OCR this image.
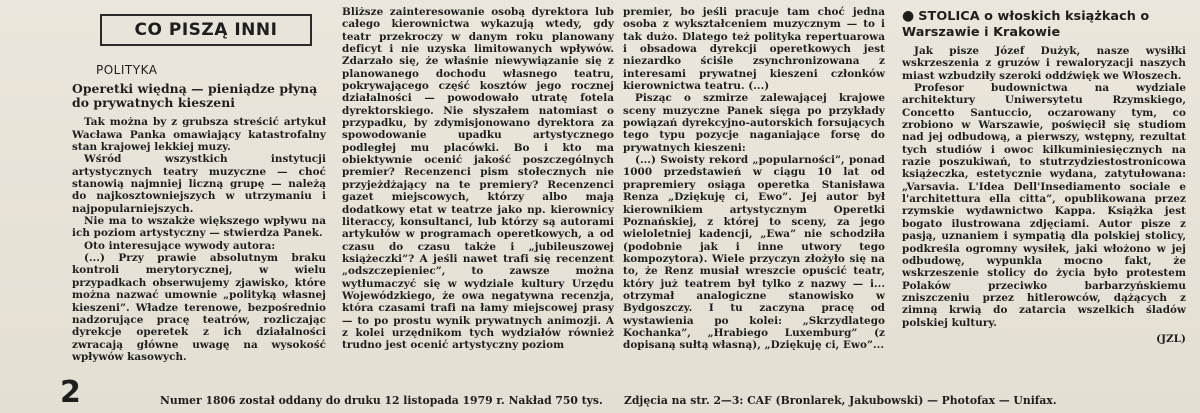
CO PISZĄ INNI
POLITYKA
Operetki więdną — pieniądze płyną do prywatnych kieszeni

Tak można by z grubsza streścić artykuł Wacława Panka omawiający katastrofalny stan krajowej lekkiej muzy.

Wśród wszystkich instytucji artystycznych teatry muzyczne — choć stanowią najmniej liczną grupę — należą do najkosztowniejszych w utrzymaniu i najpopularniejszych.

Nie ma to wszakże większego wpływu na ich poziom artystyczny — stwierdza Panek.

Oto interesujące wywody autora:

(...) Przy prawie absolutnym braku kontroli merytorycznej, w wielu przypadkach obserwujemy zjawisko, które można nazwać umownie „polityką własnej kieszeni”. Władze terenowe, bezpośrednio nadzorujące pracę teatrów, rozliczając dyrekcje operetek z ich działalności zwracają główne uwagę na wysokość wpływów kasowych.

Bliższe zainteresowanie osobą dyrektora lub całego kierownictwa wykazują wtedy, gdy teatr przekroczy w danym roku planowany deficyt i nie uzyska limitowanych wpływów. Zdarzało się, że właśnie niewywiązanie się z planowanego dochodu własnego teatru, pokrywającego część kosztów jego rocznej działalności — powodowało utratę fotela dyrektorskiego. Nie słyszałem natomiast o przypadku, by zdymisjonowano dyrektora za spowodowanie upadku artystycznego podległej mu placówki. Bo i kto ma obiektywnie ocenić jakość poszczególnych premier? Recenzenci pism stołecznych nie przyjeżdżający na te premiery? Recenzenci gazet miejscowych, którzy albo mają dodatkowy etat w teatrze jako np. kierownicy literaccy, konsultanci, lub którzy są autorami artykułów w programach operetkowych, a od czasu do czasu także i „jubileuszowej książeczki”? A jeśli nawet trafi się recenzent „odszczepieniec”, to zawsze można wytłumaczyć się w wydziale kultury Urzędu Wojewódzkiego, że owa negatywna recenzja, która czasami trafi na łamy miejscowej prasy — to po prostu wynik prywatnych animozji. A z kolei urzędnikom tych wydziałów również trudno jest ocenić artystyczny poziom

premier, bo jeśli pracuje tam choć jedna osoba z wykształceniem muzycznym — to i tak dużo. Dlatego też polityka repertuarowa i obsadowa dyrekcji operetkowych jest niezardko ściśle zsynchronizowana z interesami prywatnej kieszeni członków kierownictwa teatru. (...)

Pisząc o szmirze zalewającej krajowe sceny muzyczne Panek sięga po przykłady powiązań dyrekcyjno-autorskich forsujących tego typu pozycje naganiające forsę do prywatnych kieszeni:

(...) Swoisty rekord „popularności”, ponad 1000 przedstawień w ciągu 10 lat od prapremiery osiąga operetka Stanisława Renza „Dziękuję ci, Ewo”. Jej autor był kierownikiem artystycznym Operetki Poznańskiej, z której to sceny, za jego wieloletniej kadencji, „Ewa” nie schodziła (podobnie jak i inne utwory tego kompozytora). Wiele przyczyn złożyło się na to, że Renz musiał wreszcie opuścić teatr, który już teatrem był tylko z nazwy — i... otrzymał analogiczne stanowisko w Bydgoszczy. I tu zaczyna pracę od wystawienia po kolei: „Skrzydlatego Kochanka”, „Hrabiego Luxemburg” (z dopisaną sułtą własną), „Dziękuję ci, Ewo”...

● STOLICA o włoskich książkach o Warszawie i Krakowie

Jak pisze Józef Dużyk, nasze wysiłki wskrzeszenia z gruzów i rewaloryzacji naszych miast wzbudziły szeroki oddźwięk we Włoszech.

Profesor budownictwa na wydziale architektury Uniwersytetu Rzymskiego, Concetto Santuccio, oczarowany tym, co zrobiono w Warszawie, poświęcił się studiom nad jej odbudową, a pierwszy, wstępny, rezultat tych studiów i owoc kilkuminiesięcznych na razie poszukiwań, to stutrzydziestostronicowa książeczka, estetycznie wydana, zatytułowana: „Varsavia. L'Idea Dell'Insediamento sociale e l'architettura ella citta”, opublikowana przez rzymskie wydawnictwo Kappa. Książka jest bogato ilustrowana zdjęciami. Autor pisze z pasją, uznaniem i sympatią dla polskiej stolicy, podkreśla ogromny wysiłek, jaki włożono w jej odbudowę, wypunkla mocno fakt, że wskrzeszenie stolicy do życia było protestem Polaków przeciwko barbarzyńskiemu zniszczeniu przez hitlerowców, dążących z zimną krwią do zatarcia wszelkich śladów polskiej kultury.

(JZL)
2	Numer 1806 został oddany do druku 12 listopada 1979 r. Nakład 750 tys. Zdjęcia na str. 2—3: CAF (Bronlarek, Jakubowski) — Photofax — Unifax.
